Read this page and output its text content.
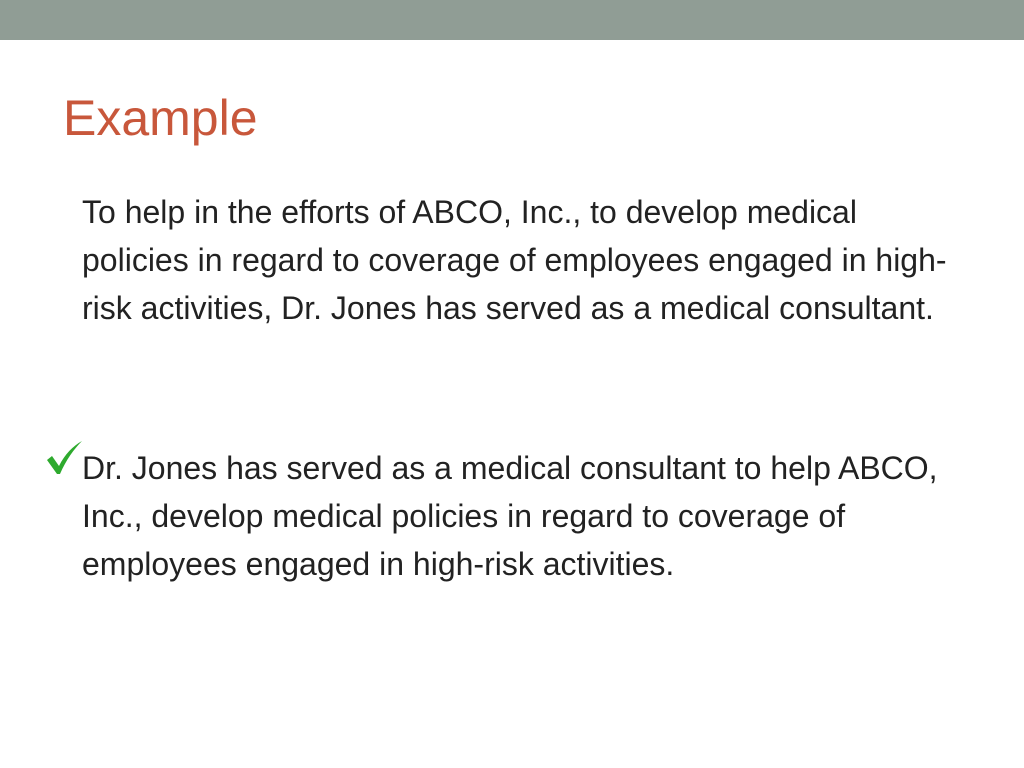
Example

To help in the efforts of ABCO, Inc., to develop medical policies in regard to coverage of employees engaged in high-risk activities, Dr. Jones has served as a medical consultant.

Dr. Jones has served as a medical consultant to help ABCO, Inc., develop medical policies in regard to coverage of employees engaged in high-risk activities.
